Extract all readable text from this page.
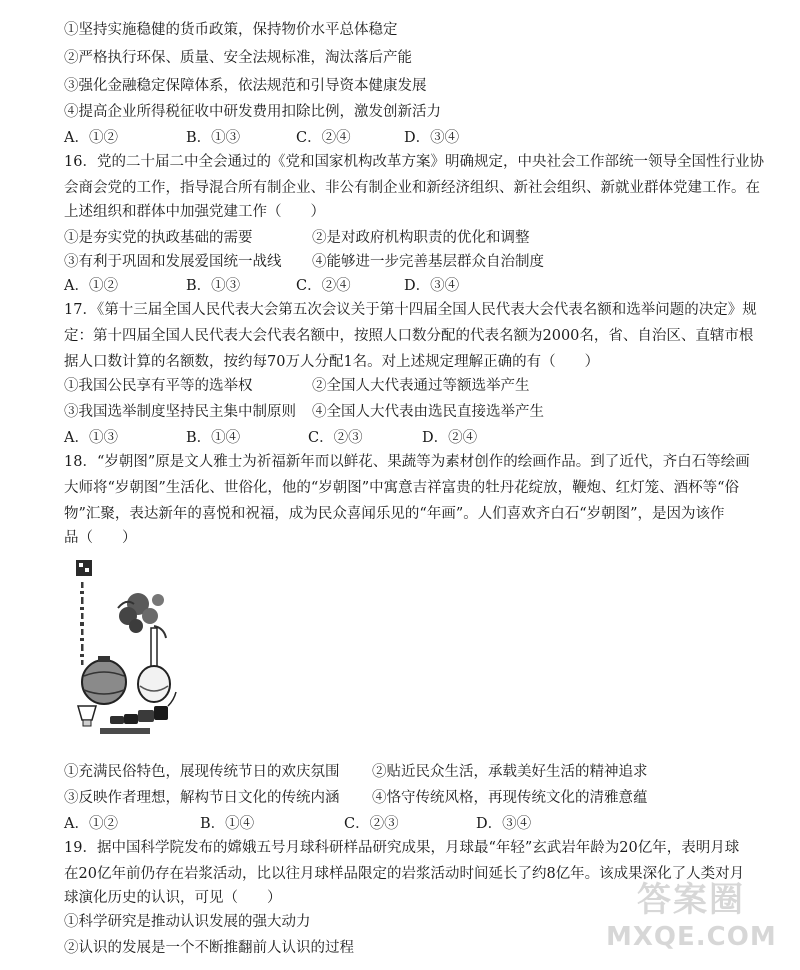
①坚持实施稳健的货币政策，保持物价水平总体稳定
②严格执行环保、质量、安全法规标准，淘汰落后产能
③强化金融稳定保障体系，依法规范和引导资本健康发展
④提高企业所得税征收中研发费用扣除比例，激发创新活力
A．①②	B．①③	C．②④	D．③④
16．党的二十届二中全会通过的《党和国家机构改革方案》明确规定，中央社会工作部统一领导全国性行业协
会商会党的工作，指导混合所有制企业、非公有制企业和新经济组织、新社会组织、新就业群体党建工作。在
上述组织和群体中加强党建工作（　　）
①是夯实党的执政基础的需要	②是对政府机构职责的优化和调整
③有利于巩固和发展爱国统一战线 ④能够进一步完善基层群众自治制度
A．①②	B．①③	C．②④	D．③④
17．《第十三届全国人民代表大会第五次会议关于第十四届全国人民代表大会代表名额和选举问题的决定》规
定：第十四届全国人民代表大会代表名额中，按照人口数分配的代表名额为2000名，省、自治区、直辖市根
据人口数计算的名额数，按约每70万人分配1名。对上述规定理解正确的有（　　）
①我国公民享有平等的选举权	②全国人大代表通过等额选举产生
③我国选举制度坚持民主集中制原则 ④全国人大代表由选民直接选举产生
A．①③	B．①④	C．②③	D．②④
18．“岁朝图”原是文人雅士为祈福新年而以鲜花、果蔬等为素材创作的绘画作品。到了近代，齐白石等绘画
大师将“岁朝图”生活化、世俗化，他的“岁朝图”中寓意吉祥富贵的牡丹花绽放，鞭炮、红灯笼、酒杯等“俗
物”汇聚，表达新年的喜悦和祝福，成为民众喜闻乐见的“年画”。人们喜欢齐白石“岁朝图”，是因为该作
品（　　）
①充满民俗特色，展现传统节日的欢庆氛围 ②贴近民众生活，承载美好生活的精神追求
③反映作者理想，解构节日文化的传统内涵 ④恪守传统风格，再现传统文化的清雅意蕴
A．①②	B．①④	C．②③	D．③④
19．据中国科学院发布的嫦娥五号月球科研样品研究成果，月球最“年轻”玄武岩年龄为20亿年，表明月球
在20亿年前仍存在岩浆活动，比以往月球样品限定的岩浆活动时间延长了约8亿年。该成果深化了人类对月
球演化历史的认识，可见（　　）
①科学研究是推动认识发展的强大动力
②认识的发展是一个不断推翻前人认识的过程
答案圈
MXQE.COM
